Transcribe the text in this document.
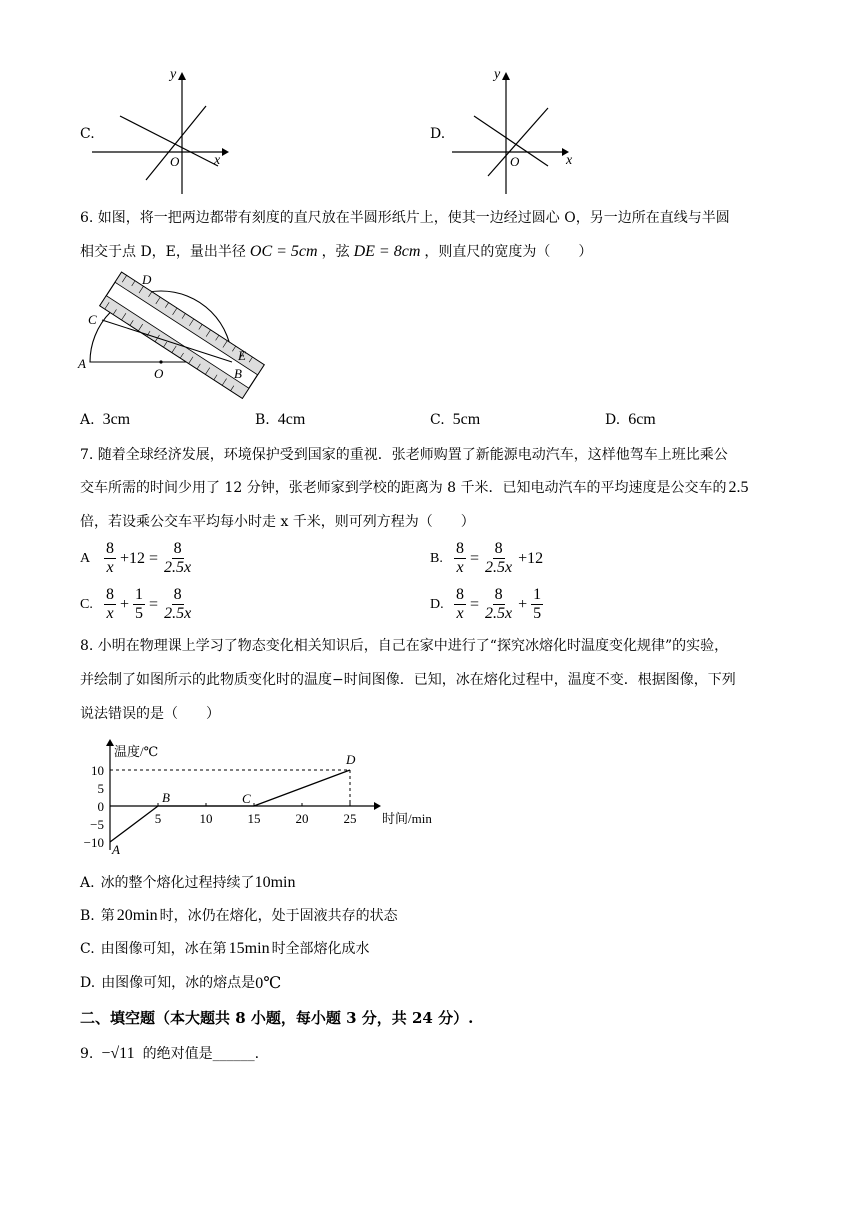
C.
y
x
O
D.
y
x
O
6. 如图，将一把两边都带有刻度的直尺放在半圆形纸片上，使其一边经过圆心 O，另一边所在直线与半圆
相交于点 D，E，量出半径 OC = 5cm ，弦 DE = 8cm ，则直尺的宽度为（　　）
A
B
C
D
E
O
A. 3cm	B. 4cm	C. 5cm	D. 6cm
7. 随着全球经济发展，环境保护受到国家的重视．张老师购置了新能源电动汽车，这样他驾车上班比乘公
交车所需的时间少用了 12 分钟，张老师家到学校的距离为 8 千米．已知电动汽车的平均速度是公交车的 2.5
倍，若设乘公交车平均每小时走 x 千米，则可列方程为（　　）
A $\frac{8}{x} +12 = \frac{8}{2.5x}$	B. $\frac{8}{x} = \frac{8}{2.5x} +12$
C. $\frac{8}{x} + \frac{1}{5} = \frac{8}{2.5x}$	D. $\frac{8}{x} = \frac{8}{2.5x} + \frac{1}{5}$
8. 小明在物理课上学习了物态变化相关知识后，自己在家中进行了“探究冰熔化时温度变化规律”的实验，
并绘制了如图所示的此物质变化时的温度−时间图像．已知，冰在熔化过程中，温度不变．根据图像，下列
说法错误的是（　　）
温度/℃
时间/min
5	10	15	20	25
10
5
0
−5
−10 A
B	C
D
A. 冰的整个熔化过程持续了 10min
B. 第 20min 时，冰仍在熔化，处于固液共存的状态
C. 由图像可知，冰在第 15min 时全部熔化成水
D. 由图像可知，冰的熔点是 0℃
二、填空题（本大题共 8 小题，每小题 3 分，共 24 分）.
9. −√11 的绝对值是______.
